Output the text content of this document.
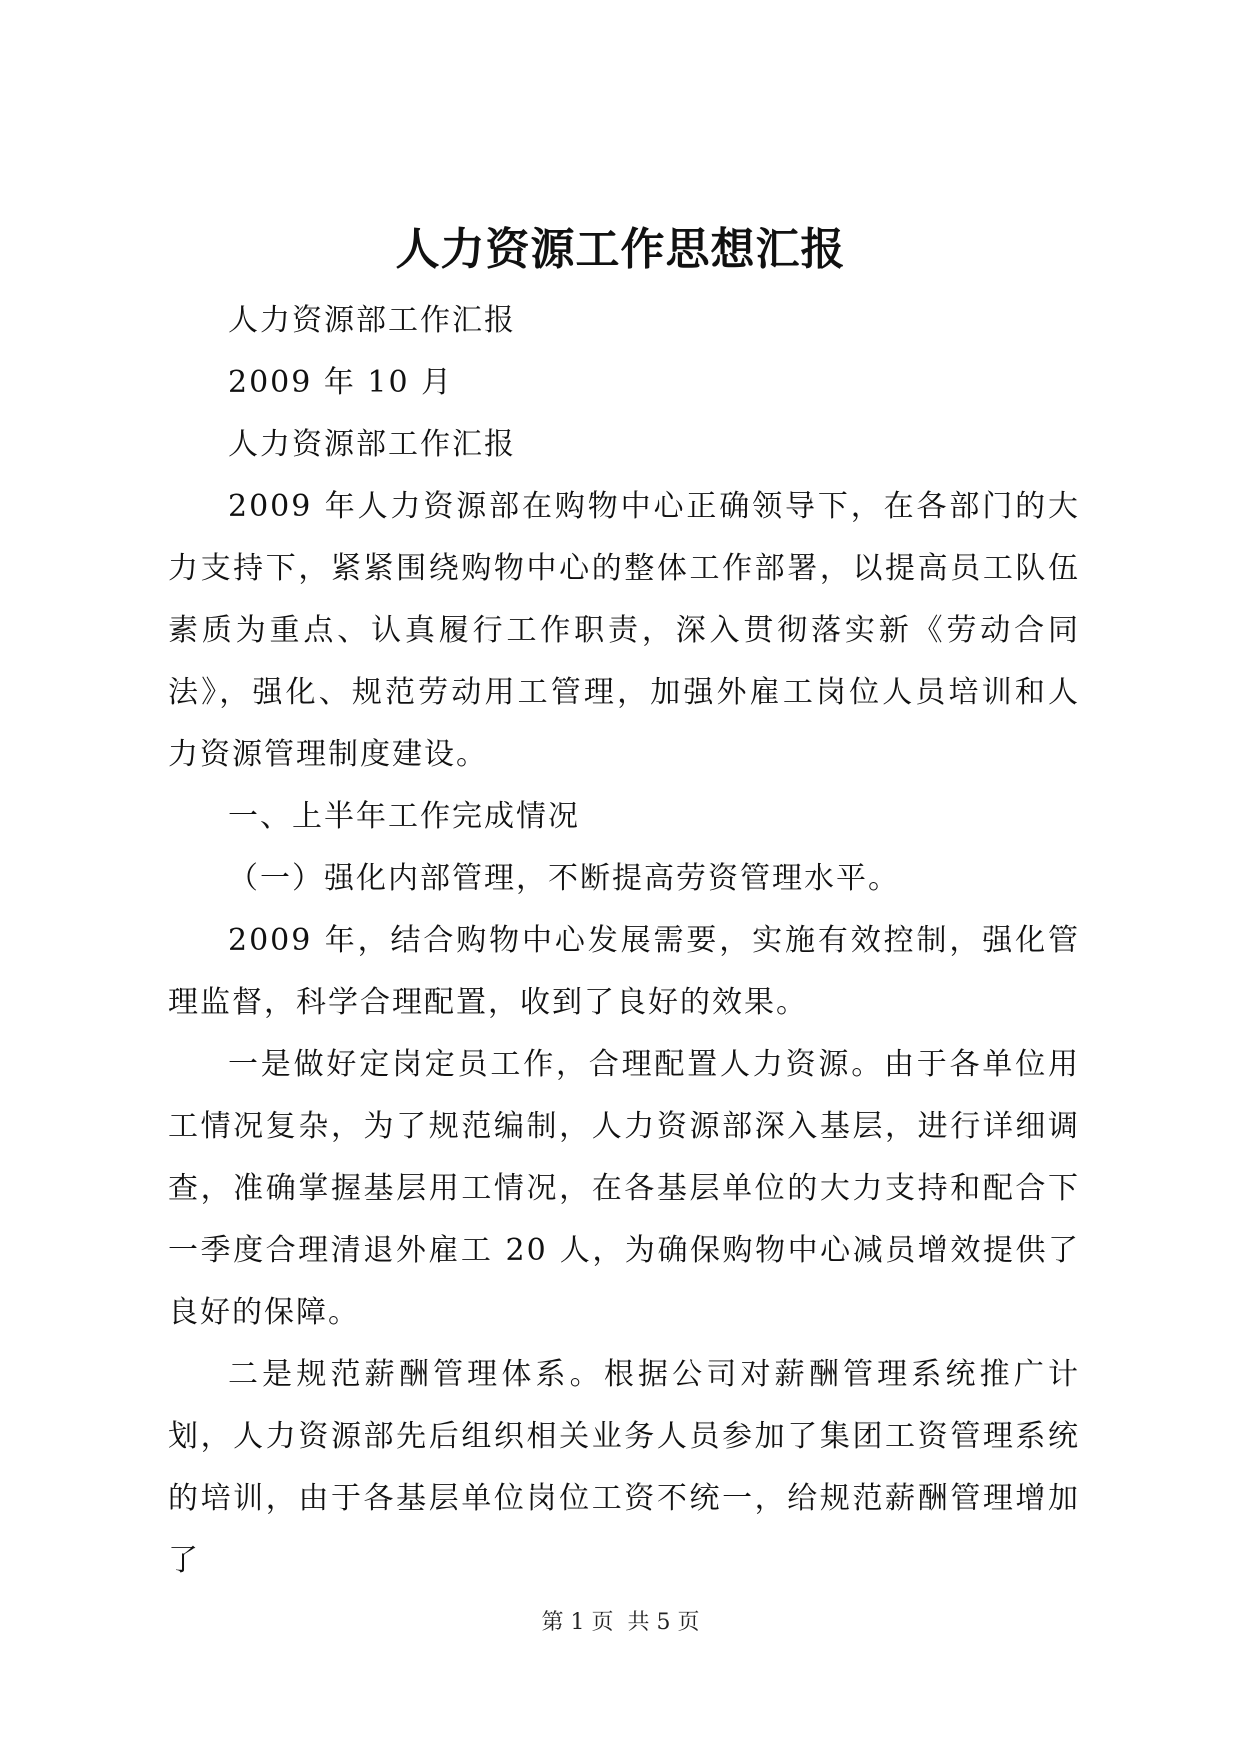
人力资源工作思想汇报

人力资源部工作汇报

2009 年 10 月

人力资源部工作汇报

2009 年人力资源部在购物中心正确领导下，在各部门的大力支持下，紧紧围绕购物中心的整体工作部署，以提高员工队伍素质为重点、认真履行工作职责，深入贯彻落实新《劳动合同法》，强化、规范劳动用工管理，加强外雇工岗位人员培训和人力资源管理制度建设。

一、上半年工作完成情况

（一）强化内部管理，不断提高劳资管理水平。

2009 年，结合购物中心发展需要，实施有效控制，强化管理监督，科学合理配置，收到了良好的效果。

一是做好定岗定员工作，合理配置人力资源。由于各单位用工情况复杂，为了规范编制，人力资源部深入基层，进行详细调查，准确掌握基层用工情况，在各基层单位的大力支持和配合下一季度合理清退外雇工 20 人，为确保购物中心减员增效提供了良好的保障。

二是规范薪酬管理体系。根据公司对薪酬管理系统推广计划，人力资源部先后组织相关业务人员参加了集团工资管理系统的培训，由于各基层单位岗位工资不统一，给规范薪酬管理增加了

第 1 页 共 5 页
